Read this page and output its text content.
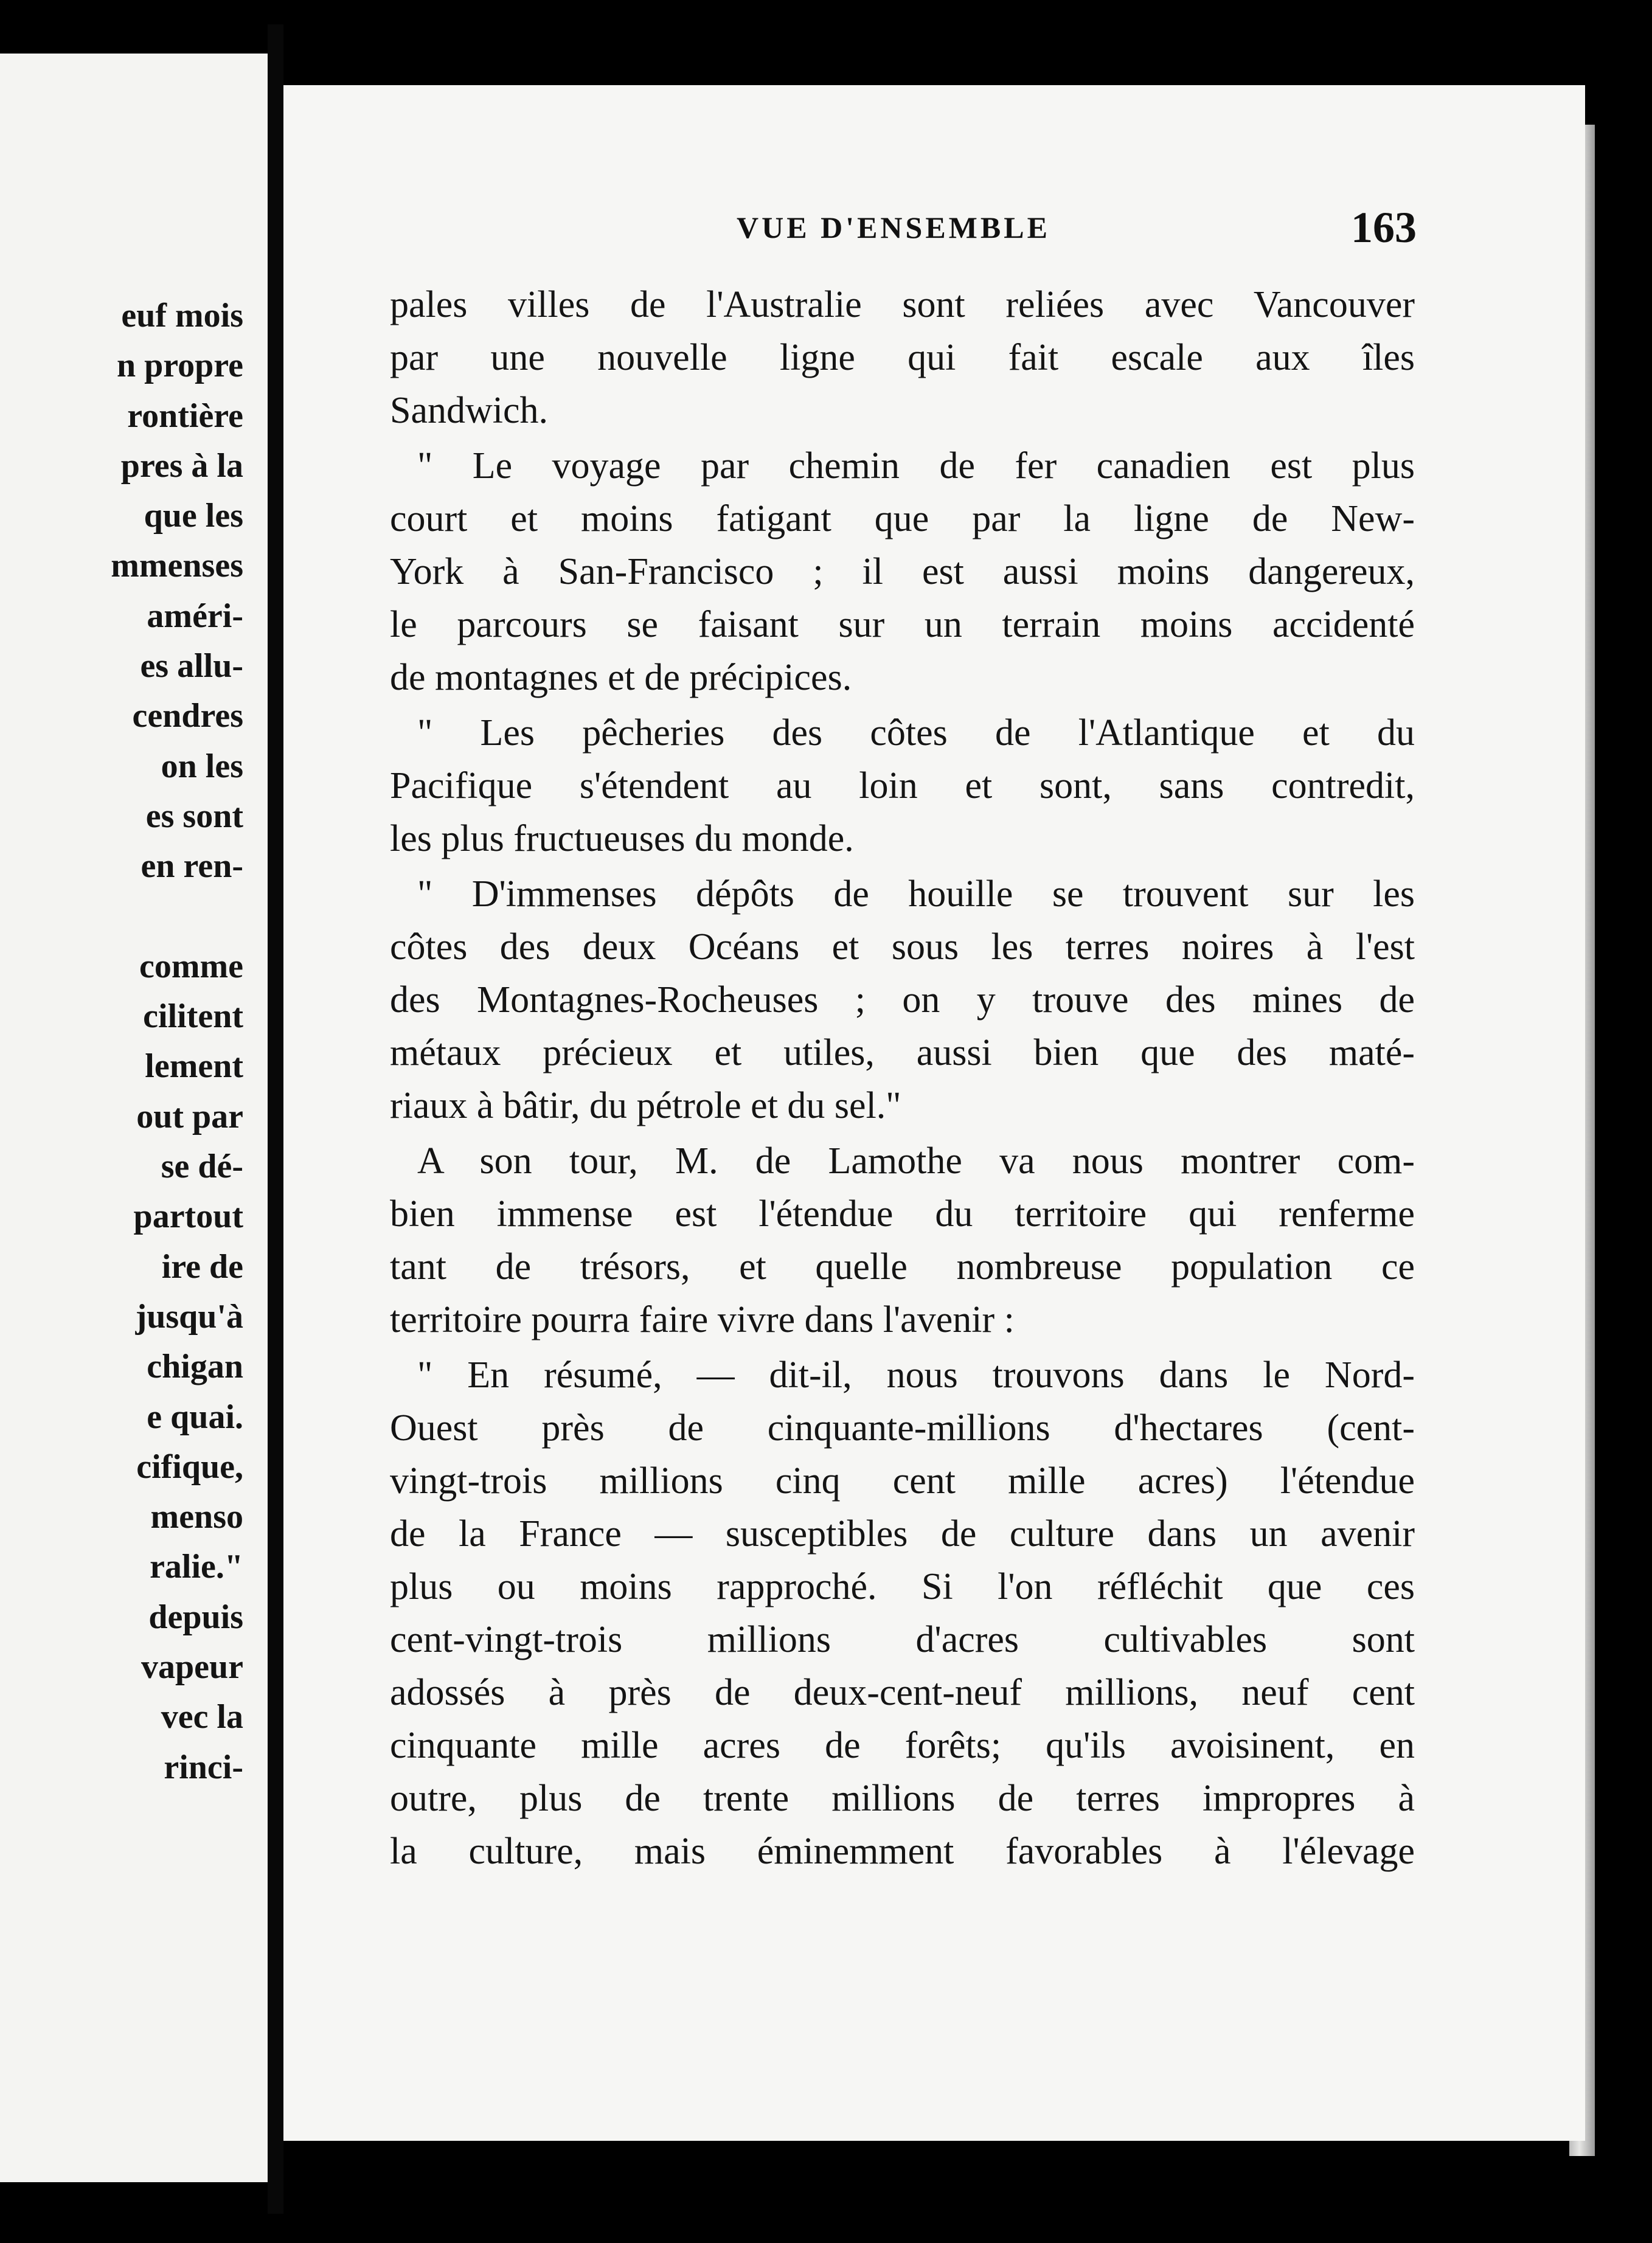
euf mois
n propre
rontière
pres à la
que les
mmenses
améri-
es allu-
cendres
on les
es sont
en ren-
comme
cilitent
lement
out par
se dé-
partout
ire de
jusqu'à
chigan
e quai.
cifique,
menso
ralie."
depuis
vapeur
vec la
rinci-
VUE D'ENSEMBLE	163
pales villes de l'Australie sont reliées avec Vancouver
par une nouvelle ligne qui fait escale aux îles
Sandwich.
" Le voyage par chemin de fer canadien est plus
court et moins fatigant que par la ligne de New-
York à San-Francisco ; il est aussi moins dangereux,
le parcours se faisant sur un terrain moins accidenté
de montagnes et de précipices.
" Les pêcheries des côtes de l'Atlantique et du
Pacifique s'étendent au loin et sont, sans contredit,
les plus fructueuses du monde.
" D'immenses dépôts de houille se trouvent sur les
côtes des deux Océans et sous les terres noires à l'est
des Montagnes-Rocheuses ; on y trouve des mines de
métaux précieux et utiles, aussi bien que des maté-
riaux à bâtir, du pétrole et du sel."
A son tour, M. de Lamothe va nous montrer com-
bien immense est l'étendue du territoire qui renferme
tant de trésors, et quelle nombreuse population ce
territoire pourra faire vivre dans l'avenir :
" En résumé, — dit-il, nous trouvons dans le Nord-
Ouest près de cinquante-millions d'hectares (cent-
vingt-trois millions cinq cent mille acres) l'étendue
de la France — susceptibles de culture dans un avenir
plus ou moins rapproché. Si l'on réfléchit que ces
cent-vingt-trois millions d'acres cultivables sont
adossés à près de deux-cent-neuf millions, neuf cent
cinquante mille acres de forêts; qu'ils avoisinent, en
outre, plus de trente millions de terres impropres à
la culture, mais éminemment favorables à l'élevage
